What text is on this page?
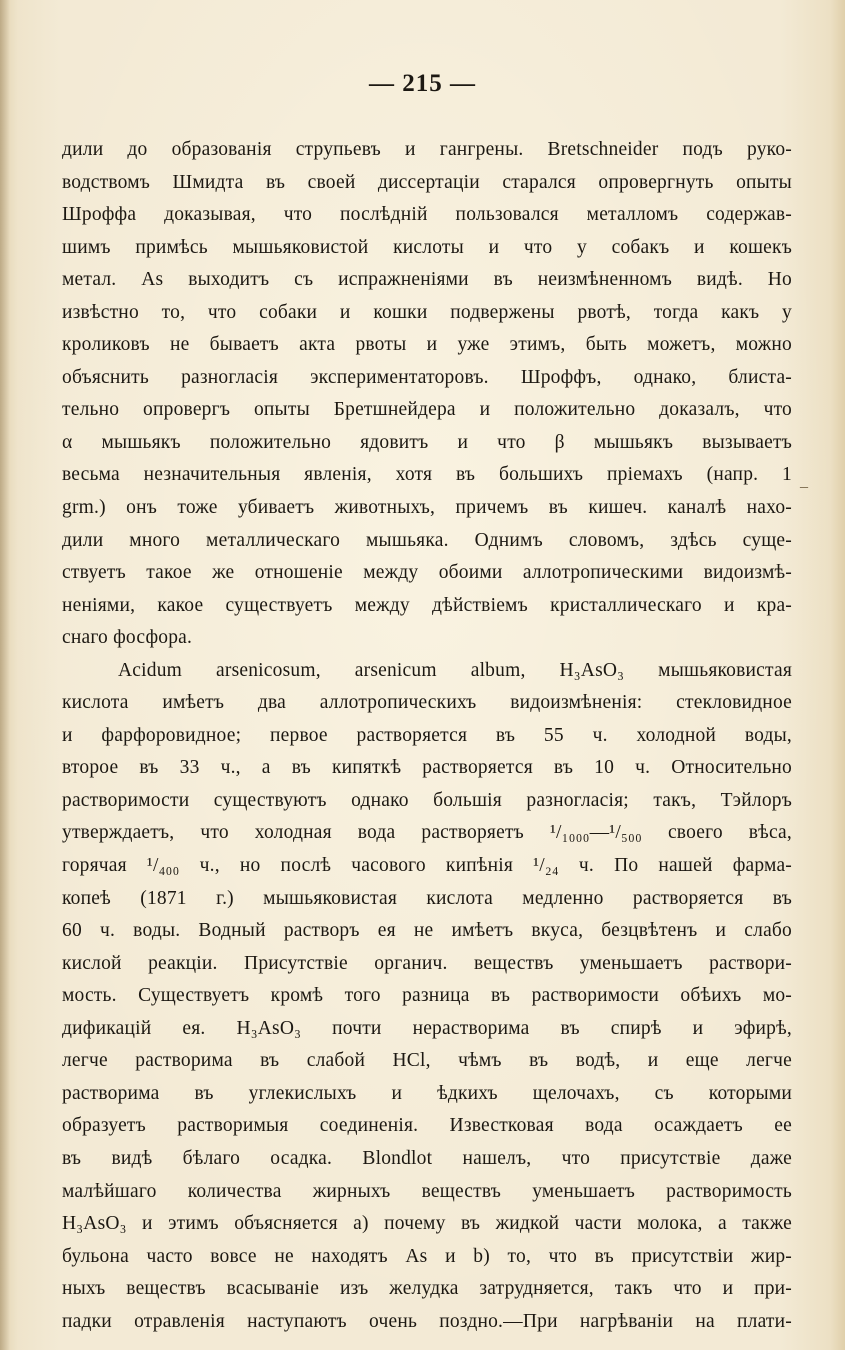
— 215 —
_
дили до образованія струпьевъ и гангрены. Bretschneider подъ руко-
водствомъ Шмидта въ своей диссертаціи старался опровергнуть опыты
Шроффа доказывая, что послѣдній пользовался металломъ содержав-
шимъ примѣсь мышьяковистой кислоты и что у собакъ и кошекъ
метал. As выходитъ съ испражненіями въ неизмѣненномъ видѣ. Но
извѣстно то, что собаки и кошки подвержены рвотѣ, тогда какъ у
кроликовъ не бываетъ акта рвоты и уже этимъ, быть можетъ, можно
объяснить разногласія экспериментаторовъ. Шроффъ, однако, блиста-
тельно опровергъ опыты Бретшнейдера и положительно доказалъ, что
α мышьякъ положительно ядовитъ и что β мышьякъ вызываетъ
весьма незначительныя явленія, хотя въ большихъ пріемахъ (напр. 1
grm.) онъ тоже убиваетъ животныхъ, причемъ въ кишеч. каналѣ нахо-
дили много металлическаго мышьяка. Однимъ словомъ, здѣсь суще-
ствуетъ такое же отношеніе между обоими аллотропическими видоизмѣ-
неніями, какое существуетъ между дѣйствіемъ кристаллическаго и кра-
снаго фосфора.
Acidum arsenicosum, arsenicum album, H₃AsO₃ мышьяковистая
кислота имѣетъ два аллотропическихъ видоизмѣненія: стекловидное
и фарфоровидное; первое растворяется въ 55 ч. холодной воды,
второе въ 33 ч., а въ кипяткѣ растворяется въ 10 ч. Относительно
растворимости существуютъ однако большія разногласія; такъ, Тэйлоръ
утверждаетъ, что холодная вода растворяетъ ¹/₁₀₀₀—¹/₅₀₀ своего вѣса,
горячая ¹/₄₀₀ ч., но послѣ часового кипѣнія ¹/₂₄ ч. По нашей фарма-
копеѣ (1871 г.) мышьяковистая кислота медленно растворяется въ
60 ч. воды. Водный растворъ ея не имѣетъ вкуса, безцвѣтенъ и слабо
кислой реакціи. Присутствіе органич. веществъ уменьшаетъ раствори-
мость. Существуетъ кромѣ того разница въ растворимости обѣихъ мо-
дификацій ея. H₃AsO₃ почти нерастворима въ спирѣ и эфирѣ,
легче растворима въ слабой HCl, чѣмъ въ водѣ, и еще легче
растворима въ углекислыхъ и ѣдкихъ щелочахъ, съ которыми
образуетъ растворимыя соединенія. Известковая вода осаждаетъ ее
въ видѣ бѣлаго осадка. Blondlot нашелъ, что присутствіе даже
малѣйшаго количества жирныхъ веществъ уменьшаетъ растворимость
H₃AsO₃ и этимъ объясняется а) почему въ жидкой части молока, а также
бульона часто вовсе не находятъ As и b) то, что въ присутствіи жир-
ныхъ веществъ всасываніе изъ желудка затрудняется, такъ что и при-
падки отравленія наступаютъ очень поздно.—При нагрѣваніи на плати-
